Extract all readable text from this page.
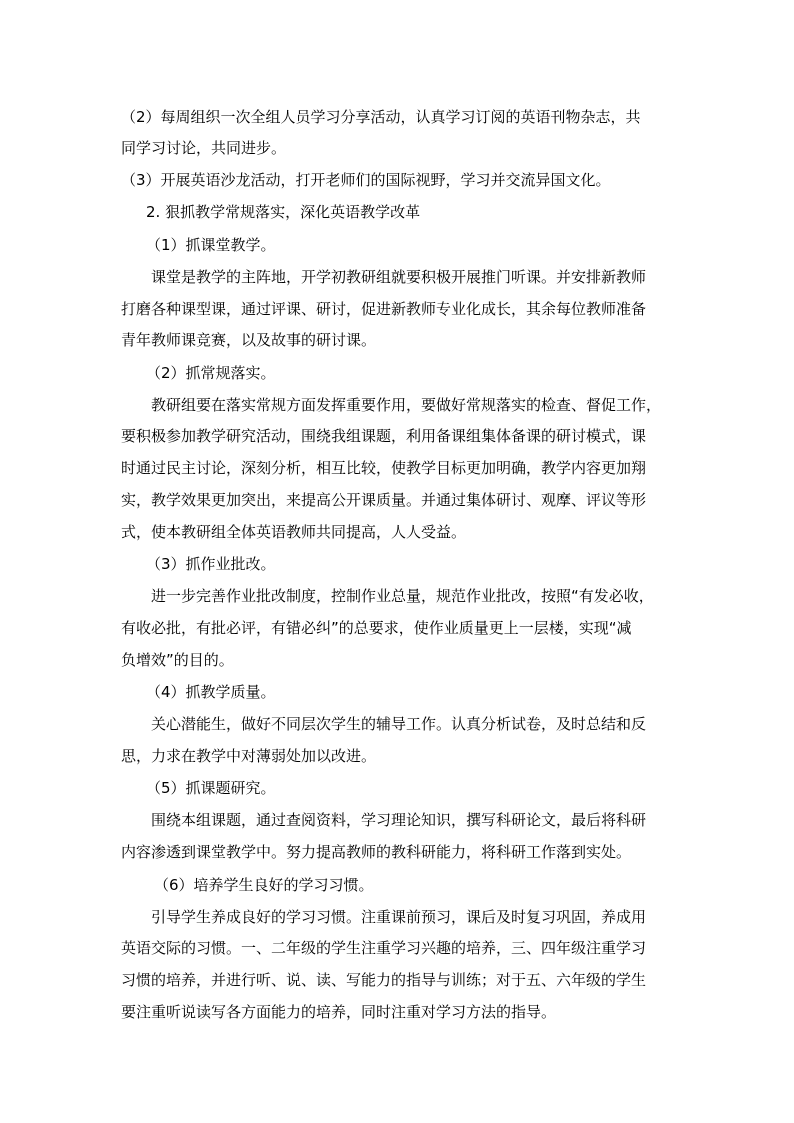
（2）每周组织一次全组人员学习分享活动，认真学习订阅的英语刊物杂志，共
同学习讨论，共同进步。
（3）开展英语沙龙活动，打开老师们的国际视野，学习并交流异国文化。
2. 狠抓教学常规落实，深化英语教学改革
（1）抓课堂教学。
课堂是教学的主阵地，开学初教研组就要积极开展推门听课。并安排新教师
打磨各种课型课，通过评课、研讨，促进新教师专业化成长，其余每位教师准备
青年教师课竞赛，以及故事的研讨课。
（2）抓常规落实。
教研组要在落实常规方面发挥重要作用，要做好常规落实的检查、督促工作，
要积极参加教学研究活动，围绕我组课题，利用备课组集体备课的研讨模式，课
时通过民主讨论，深刻分析，相互比较，使教学目标更加明确，教学内容更加翔
实，教学效果更加突出，来提高公开课质量。并通过集体研讨、观摩、评议等形
式，使本教研组全体英语教师共同提高，人人受益。
（3）抓作业批改。
进一步完善作业批改制度，控制作业总量，规范作业批改，按照“有发必收，
有收必批，有批必评，有错必纠”的总要求，使作业质量更上一层楼，实现“减
负增效”的目的。
（4）抓教学质量。
关心潜能生，做好不同层次学生的辅导工作。认真分析试卷，及时总结和反
思，力求在教学中对薄弱处加以改进。
（5）抓课题研究。
围绕本组课题，通过查阅资料，学习理论知识，撰写科研论文，最后将科研
内容渗透到课堂教学中。努力提高教师的教科研能力，将科研工作落到实处。
（6）培养学生良好的学习习惯。
引导学生养成良好的学习习惯。注重课前预习，课后及时复习巩固，养成用
英语交际的习惯。一、二年级的学生注重学习兴趣的培养，三、四年级注重学习
习惯的培养，并进行听、说、读、写能力的指导与训练；对于五、六年级的学生
要注重听说读写各方面能力的培养，同时注重对学习方法的指导。
